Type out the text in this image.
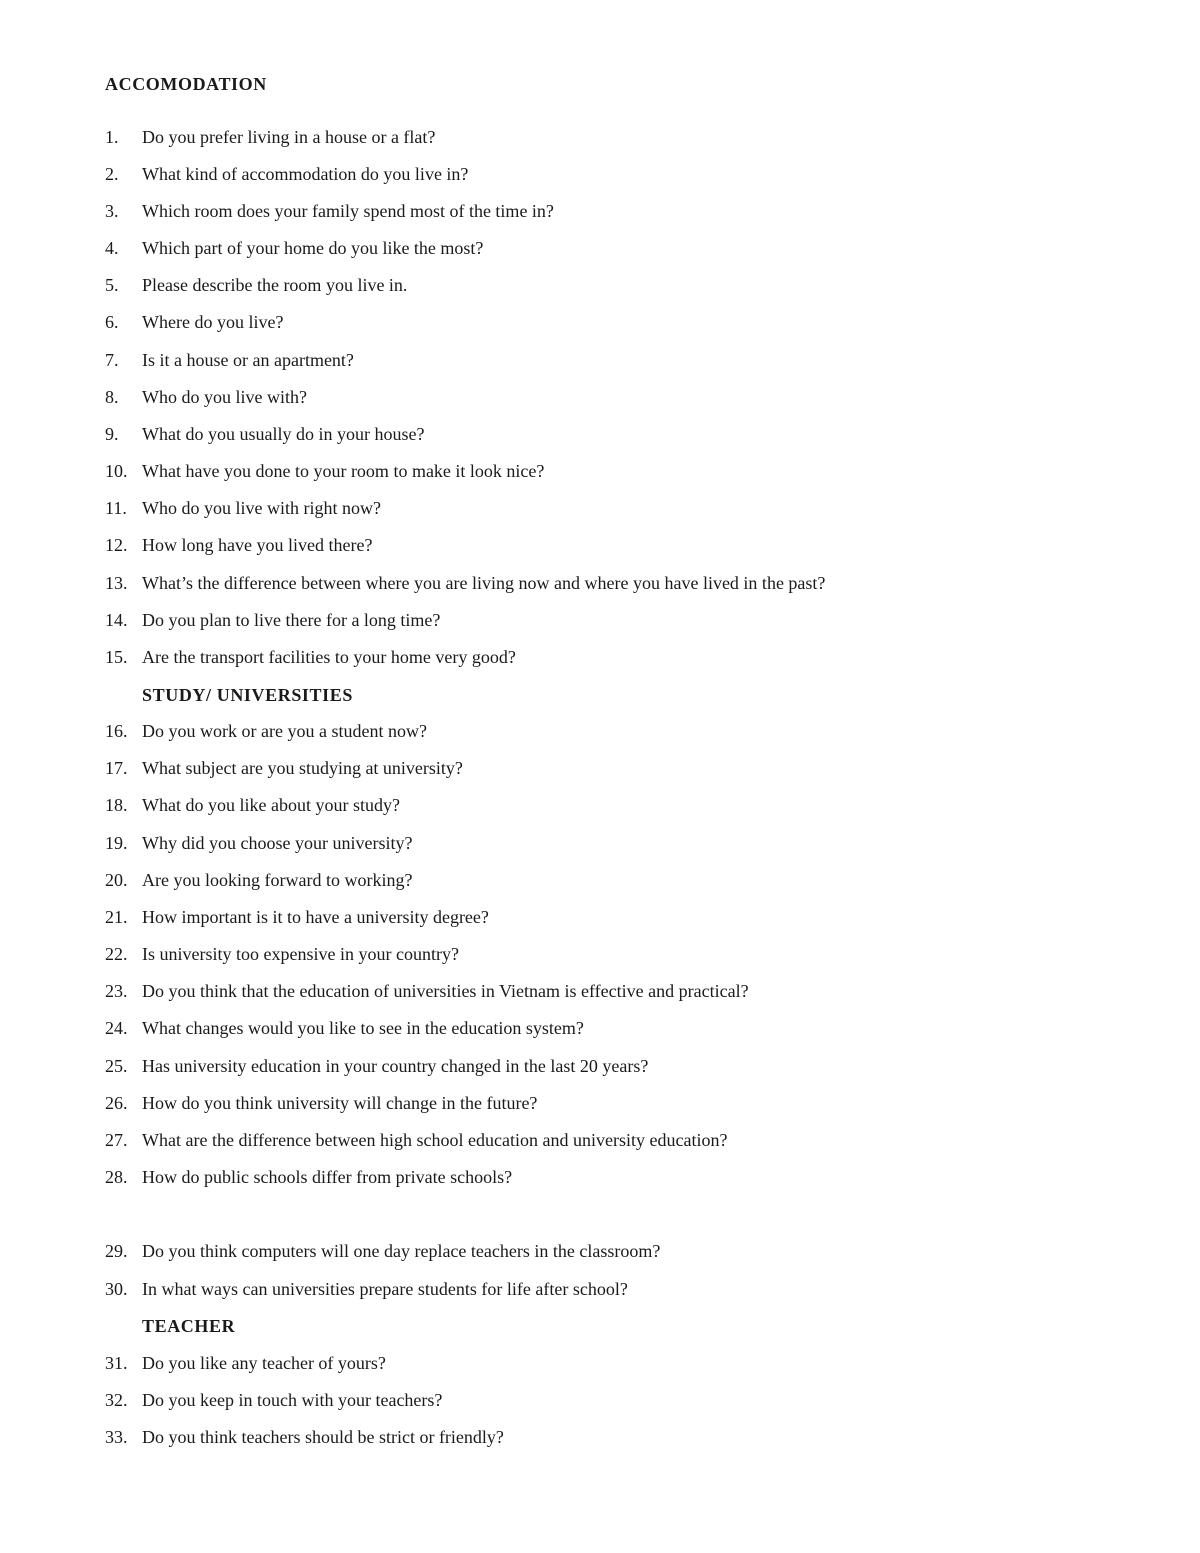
ACCOMODATION
1. Do you prefer living in a house or a flat?
2. What kind of accommodation do you live in?
3. Which room does your family spend most of the time in?
4. Which part of your home do you like the most?
5. Please describe the room you live in.
6. Where do you live?
7. Is it a house or an apartment?
8. Who do you live with?
9. What do you usually do in your house?
10. What have you done to your room to make it look nice?
11. Who do you live with right now?
12. How long have you lived there?
13. What’s the difference between where you are living now and where you have lived in the past?
14. Do you plan to live there for a long time?
15. Are the transport facilities to your home very good?
STUDY/ UNIVERSITIES
16. Do you work or are you a student now?
17. What subject are you studying at university?
18. What do you like about your study?
19. Why did you choose your university?
20. Are you looking forward to working?
21. How important is it to have a university degree?
22. Is university too expensive in your country?
23. Do you think that the education of universities in Vietnam is effective and practical?
24. What changes would you like to see in the education system?
25. Has university education in your country changed in the last 20 years?
26. How do you think university will change in the future?
27. What are the difference between high school education and university education?
28. How do public schools differ from private schools?
29. Do you think computers will one day replace teachers in the classroom?
30. In what ways can universities prepare students for life after school?
TEACHER
31. Do you like any teacher of yours?
32. Do you keep in touch with your teachers?
33. Do you think teachers should be strict or friendly?
